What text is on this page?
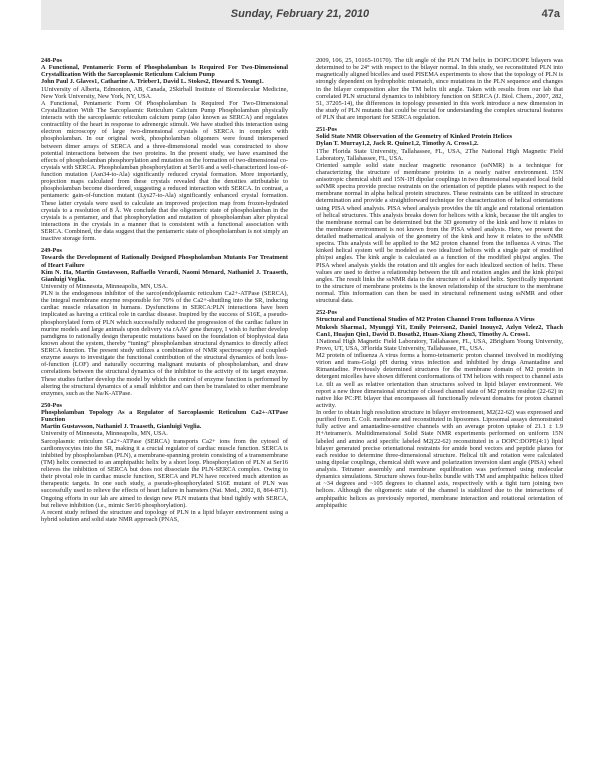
Sunday, February 21, 2010	47a

248-Pos

A Functional, Pentameric Form of Phospholamban Is Required For Two-Dimensional Crystallization With the Sarcoplasmic Reticulum Calcium Pump

John Paul J. Glaves1, Catharine A. Trieber1, David L. Stokes2, Howard S. Young1.

1University of Alberta, Edmonton, AB, Canada, 2Skirball Institute of Biomolecular Medicine, New York University, New York, NY, USA.

A Functional, Pentameric Form Of Phospholamban Is Required For Two-Dimensional Crystallization With The Sarcoplasmic Reticulum Calcium Pump Phospholamban physically interacts with the sarcoplasmic reticulum calcium pump (also known as SERCA) and regulates contractility of the heart in response to adrenergic stimuli. We have studied this interaction using electron microscopy of large two-dimensional crystals of SERCA in complex with phospholamban. In our original work, phospholamban oligomers were found interspersed between dimer arrays of SERCA and a three-dimensional model was constructed to show potential interactions between the two proteins. In the present study, we have examined the effects of phospholamban phosphorylation and mutation on the formation of two-dimensional co-crystals with SERCA. Phospholamban phosphorylation at Ser16 and a well-characterized loss-of-function mutation (Asn34-to-Ala) significantly reduced crystal formation. More importantly, projection maps calculated from these crystals revealed that the densities attributable to phospholamban become disordered, suggesting a reduced interaction with SERCA. In contrast, a pentameric gain-of-function mutant (Lys27-to-Ala) significantly enhanced crystal formation. These latter crystals were used to calculate an improved projection map from frozen-hydrated crystals to a resolution of 8 Å. We conclude that the oligomeric state of phospholamban in the crystals is a pentamer, and that phosphorylation and mutation of phospholamban alter physical interactions in the crystals in a manner that is consistent with a functional association with SERCA. Combined, the data suggest that the pentameric state of phospholamban is not simply an inactive storage form.

249-Pos

Towards the Development of Rationally Designed Phospholamban Mutants For Treatment of Heart Failure

Kim N. Ha, Martin Gustavsson, Raffaello Verardi, Naomi Menard, Nathaniel J. Traaseth, Gianluigi Veglia.

University of Minnesota, Minneapolis, MN, USA.

PLN is the endogenous inhibitor of the sarco(endo)plasmic reticulum Ca2+-ATPase (SERCA), the integral membrane enzyme responsible for 70% of the Ca2+-shuttling into the SR, inducing cardiac muscle relaxation in humans. Dysfunctions in SERCA:PLN interactions have been implicated as having a critical role in cardiac disease. Inspired by the success of S16E, a pseudo-phosphorylated form of PLN which successfully reduced the progression of the cardiac failure in murine models and large animals upon delivery via rAAV gene therapy, I wish to further develop pamdigms to rationally design therapeutic mutations based on the foundation of biophysical data known about the system, thereby “tuning” phospholamban structural dynamics to directly affect SERCA function. The present study utilizes a combination of NMR spectroscopy and coupled-enzyme assays to investigate the functional contribution of the structural dynamics of both loss-of-function (LOF) and naturally occurring malignant mutants of phospholamban, and draw correlations between the structural dynamics of the inhibitor to the activity of its target enzyme. These studies further develop the model by which the control of enzyme function is performed by altering the structural dynamics of a small inhibitor and can then be translated to other membrane enzymes, such as the Na/K-ATPase.

250-Pos

Phospholamban Topology As a Regulator of Sarcoplasmic Reticulum Ca2+-ATPase Function

Martin Gustavsson, Nathaniel J. Traaseth, Gianluigi Veglia.

University of Minnesota, Minneapolis, MN, USA.

Sarcoplasmic reticulum Ca2+-ATPase (SERCA) transports Ca2+ ions from the cytosol of cardiomyocytes into the SR, making it a crucial regulator of cardiac muscle function. SERCA is inhibited by phospholamban (PLN), a membrane-spanning protein consisting of a transmembrane (TM) helix connected to an amphipathic helix by a short loop. Phosphorylation of PLN at Ser16 relieves the inhibition of SERCA but does not dissociate the PLN-SERCA complex. Owing to their pivotal role in cardiac muscle function, SERCA and PLN have received much attention as therapeutic targets. In one such study, a pseudo-phosphorylated S16E mutant of PLN was successfully used to relieve the effects of heart failure in hamsters (Nat. Med., 2002, 8, 864-871). Ongoing efforts in our lab are aimed to design new PLN mutants that bind tightly with SERCA, but relieve inhibition (i.e., mimic Ser16 phosphorylation).

A recent study refined the structure and topology of PLN in a lipid bilayer environment using a hybrid solution and solid state NMR approach (PNAS,

2009, 106, 25, 10165-10170). The tilt angle of the PLN TM helix in DOPC/DOPE bilayers was determined to be 24° with respect to the bilayer normal. In this study, we reconstituted PLN into magnetically aligned bicelles and used PISEMA experiments to show that the topology of PLN is strongly dependent on hydrophobic mismatch, since mutations in the PLN sequence and changes in the bilayer composition alter the TM helix tilt angle. Taken with results from our lab that correlated PLN structural dynamics to inhibitory function on SERCA (J. Biol. Chem., 2007, 282, 51, 37205-14), the differences in topology presented in this work introduce a new dimension in the study of PLN mutants that could be crucial for understanding the complex structural features of PLN that are important for SERCA regulation.

251-Pos

Solid State NMR Observation of the Geometry of Kinked Protein Helices

Dylan T. Murray1,2, Jack R. Quine1,2, Timothy A. Cross1,2.

1The Florida State University, Tallahassee, FL, USA, 2The National High Magnetic Field Laboratory, Tallahassee, FL, USA.

Oriented sample solid state nuclear magnetic resonance (ssNMR) is a technique for characterizing the structure of membrane proteins in a nearly native environment. 15N anisotropic chemical shift and 15N-1H dipolar couplings in two dimensional separated local field ssNMR spectra provide precise restraints on the orientation of peptide planes with respect to the membrane normal in alpha helical protein structures. These restraints can be utilized in structure determination and provide a straightforward technique for characterization of helical orientations using PISA wheel analysis. PISA wheel analysis provides the tilt angle and rotational orientation of helical structures. This analysis breaks down for helices with a kink, because the tilt angles to the membrane normal can be determined but the 3D geometry of the kink and how it relates to the membrane environment is not known from the PISA wheel analysis. Here, we present the detailed mathematical analysis of the geometry of the kink and how it relates to the ssNMR spectra. This analysis will be applied to the M2 proton channel from the influenza A virus. The kinked helical system will be modeled as two idealized helices with a single pair of modified phi/psi angles. The kink angle is calculated as a function of the modified phi/psi angles. The PISA wheel analysis yields the rotation and tilt angles for each idealized section of helix. These values are used to derive a relationship between the tilt and rotation angles and the kink phi/psi angles. The result links the ssNMR data to the structure of a kinked helix. Specifically important to the structure of membrane proteins is the known relationship of the structure to the membrane normal. This information can then be used in structural refinement using ssNMR and other structural data.

252-Pos

Structural and Functional Studies of M2 Proton Channel From Influenza A Virus

Mukesh Sharma1, Myunggi Yi1, Emily Peterson2, Daniel Inouye2, Azlyn Velez2, Thach Can1, Huajun Qin1, David D. Busath2, Huan-Xiang Zhou3, Timothy A. Cross1.

1National High Magnetic Field Laboratory, Tallahassee, FL, USA, 2Brigham Young University, Provo, UT, USA, 3Florida State University, Tallahassee, FL, USA.

M2 protein of influenza A virus forms a homo-tetrameric proton channel involved in modifying virion and trans-Golgi pH during virus infection and inhibited by drugs Amantadine and Rimantadine. Previously determined structures for the membrane domain of M2 protein in detergent micelles have shown different conformations of TM helices with respect to channel axis i.e. tilt as well as relative orientation than structures solved in lipid bilayer environment. We report a new three dimensional structure of closed channel state of M2 protein residue (22-62) in native like PC:PE bilayer that encompasses all functionally relevant domains for proton channel activity.

In order to obtain high resolution structure in bilayer environment, M2(22-62) was expressed and purified from E. Coli. membrane and reconstituted in liposomes. Liposomal assays demonstrated fully active and amantadine-sensitive channels with an average proton uptake of 21.1 ± 1.9 H+/tetramer/s. Multidimensional Solid State NMR experiments performed on uniform 15N labeled and amino acid specific labeled M2(22-62) reconstituted in a DOPC:DOPE(4:1) lipid bilayer generated precise orientational restraints for amide bond vectors and peptide planes for each residue to determine three-dimensional structure. Helical tilt and rotation were calculated using dipolar couplings, chemical shift wave and polarization inversion slant angle (PISA) wheel analysis. Tetramer assembly and membrane equilibration was performed using molecular dynamics simulations. Structure shows four-helix bundle with TM and amphipathic helices tilted at ~34 degrees and ~105 degrees to channel axis, respectively with a tight turn joining two helices. Although the oligomeric state of the channel is stabilized due to the interactions of amphipathic helices as previously reported, membrane interaction and rotational orientation of amphipathic
